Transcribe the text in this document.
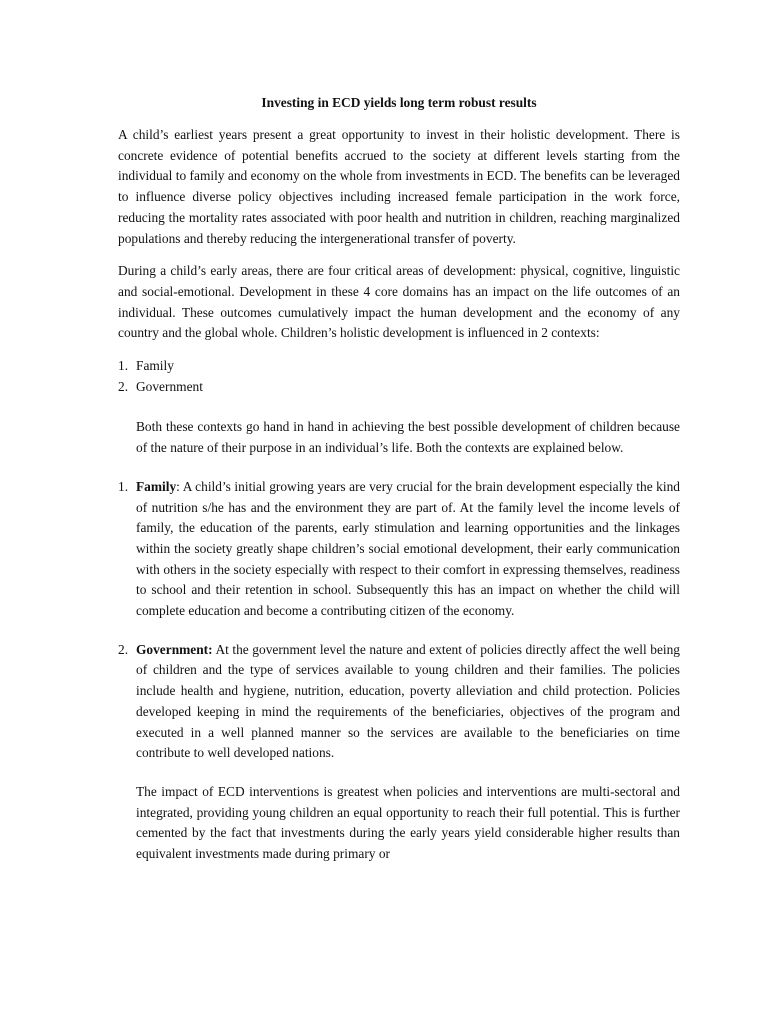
Investing in ECD yields long term robust results

A child’s earliest years present a great opportunity to invest in their holistic development. There is concrete evidence of potential benefits accrued to the society at different levels starting from the individual to family and economy on the whole from investments in ECD. The benefits can be leveraged to influence diverse policy objectives including increased female participation in the work force, reducing the mortality rates associated with poor health and nutrition in children, reaching marginalized populations and thereby reducing the intergenerational transfer of poverty.

During a child’s early areas, there are four critical areas of development: physical, cognitive, linguistic and social-emotional. Development in these 4 core domains has an impact on the life outcomes of an individual. These outcomes cumulatively impact the human development and the economy of any country and the global whole. Children’s holistic development is influenced in 2 contexts:

1. Family
2. Government

Both these contexts go hand in hand in achieving the best possible development of children because of the nature of their purpose in an individual’s life. Both the contexts are explained below.

1. Family: A child’s initial growing years are very crucial for the brain development especially the kind of nutrition s/he has and the environment they are part of. At the family level the income levels of family, the education of the parents, early stimulation and learning opportunities and the linkages within the society greatly shape children’s social emotional development, their early communication with others in the society especially with respect to their comfort in expressing themselves, readiness to school and their retention in school. Subsequently this has an impact on whether the child will complete education and become a contributing citizen of the economy.
2. Government: At the government level the nature and extent of policies directly affect the well being of children and the type of services available to young children and their families. The policies include health and hygiene, nutrition, education, poverty alleviation and child protection. Policies developed keeping in mind the requirements of the beneficiaries, objectives of the program and executed in a well planned manner so the services are available to the beneficiaries on time contribute to well developed nations.
The impact of ECD interventions is greatest when policies and interventions are multi-sectoral and integrated, providing young children an equal opportunity to reach their full potential. This is further cemented by the fact that investments during the early years yield considerable higher results than equivalent investments made during primary or
